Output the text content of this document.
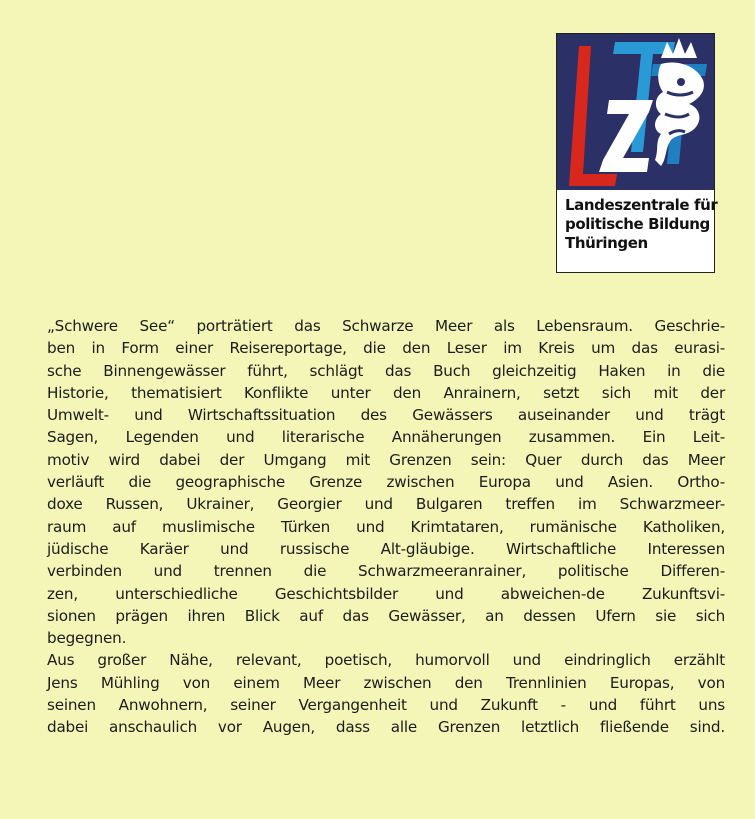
Landeszentrale für
politische Bildung
Thüringen
„Schwere See“ porträtiert das Schwarze Meer als Lebensraum. Geschrie-
ben in Form einer Reisereportage, die den Leser im Kreis um das eurasi-
sche Binnengewässer führt, schlägt das Buch gleichzeitig Haken in die
Historie, thematisiert Konflikte unter den Anrainern, setzt sich mit der
Umwelt- und Wirtschaftssituation des Gewässers auseinander und trägt
Sagen, Legenden und literarische Annäherungen zusammen. Ein Leit-
motiv wird dabei der Umgang mit Grenzen sein: Quer durch das Meer
verläuft die geographische Grenze zwischen Europa und Asien. Ortho-
doxe Russen, Ukrainer, Georgier und Bulgaren treffen im Schwarzmeer-
raum auf muslimische Türken und Krimtataren, rumänische Katholiken,
jüdische Karäer und russische Alt-gläubige. Wirtschaftliche Interessen
verbinden und trennen die Schwarzmeeranrainer, politische Differen-
zen, unterschiedliche Geschichtsbilder und abweichen-de Zukunftsvi-
sionen prägen ihren Blick auf das Gewässer, an dessen Ufern sie sich
begegnen.
Aus großer Nähe, relevant, poetisch, humorvoll und eindringlich erzählt
Jens Mühling von einem Meer zwischen den Trennlinien Europas, von
seinen Anwohnern, seiner Vergangenheit und Zukunft - und führt uns
dabei anschaulich vor Augen, dass alle Grenzen letztlich fließende sind.
